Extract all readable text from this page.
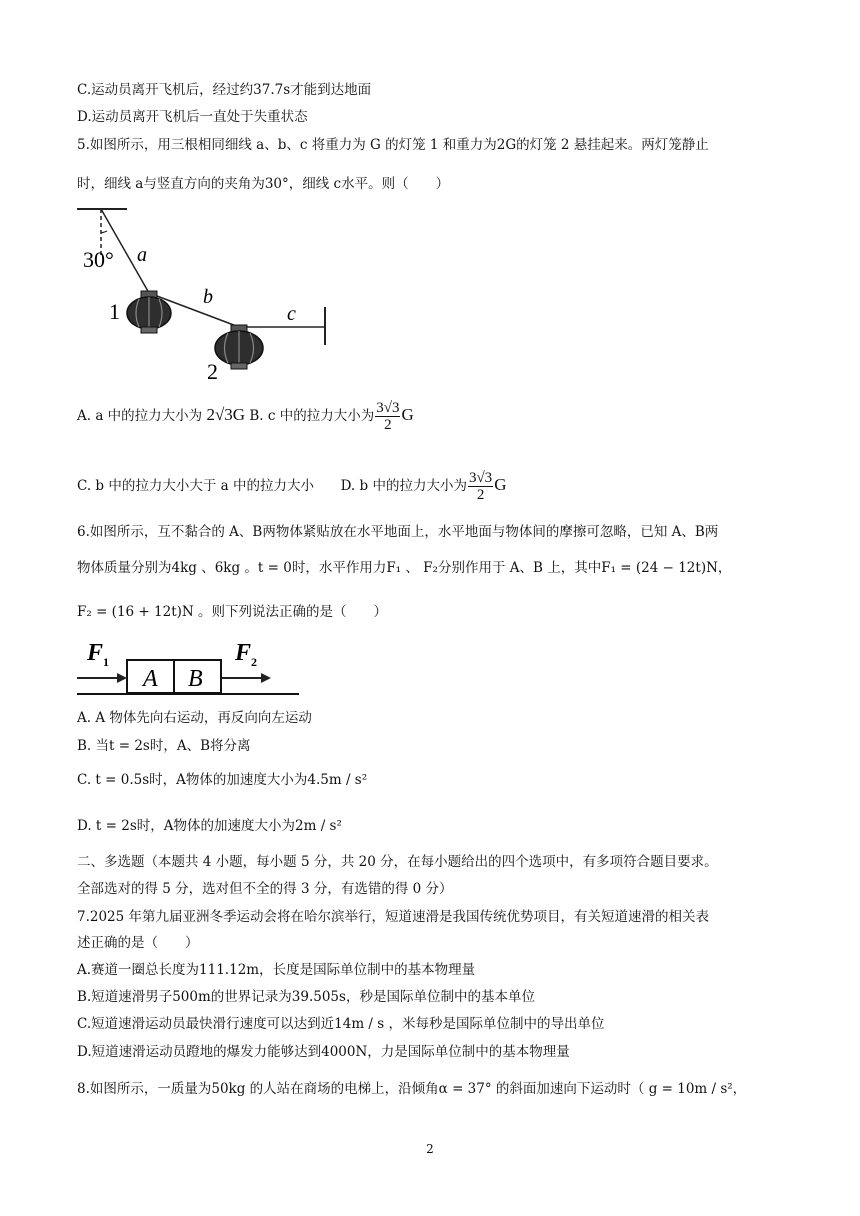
C.运动员离开飞机后，经过约37.7s才能到达地面
D.运动员离开飞机后一直处于失重状态
5.如图所示，用三根相同细线 a、b、c 将重力为 G 的灯笼 1 和重力为2G的灯笼 2 悬挂起来。两灯笼静止
时，细线 a与竖直方向的夹角为30°，细线 c水平。则（　　）
30° a
b
c
1
2
A. a 中的拉力大小为 2√3G B. c 中的拉力大小为 $\frac{3√3}{2}$ G
C. b 中的拉力大小大于 a 中的拉力大小 D. b 中的拉力大小为 $\frac{3√3}{2}$ G
6.如图所示，互不黏合的 A、B两物体紧贴放在水平地面上，水平地面与物体间的摩擦可忽略，已知 A、B两
物体质量分别为4kg 、6kg 。t = 0时，水平作用力F₁ 、 F₂分别作用于 A、B 上，其中F₁ = (24 − 12t)N，
F₂ = (16 + 12t)N 。则下列说法正确的是（　　）
$F_1$
A B
$F_2$
A. A 物体先向右运动，再反向向左运动
B. 当t = 2s时，A、B将分离
C. t = 0.5s时，A物体的加速度大小为4.5m / s²
D. t = 2s时，A物体的加速度大小为2m / s²
二、多选题（本题共 4 小题，每小题 5 分，共 20 分，在每小题给出的四个选项中，有多项符合题目要求。
全部选对的得 5 分，选对但不全的得 3 分，有选错的得 0 分）
7.2025 年第九届亚洲冬季运动会将在哈尔滨举行，短道速滑是我国传统优势项目，有关短道速滑的相关表
述正确的是（　　）
A.赛道一圈总长度为111.12m，长度是国际单位制中的基本物理量
B.短道速滑男子500m的世界记录为39.505s，秒是国际单位制中的基本单位
C.短道速滑运动员最快滑行速度可以达到近14m / s ，米每秒是国际单位制中的导出单位
D.短道速滑运动员蹬地的爆发力能够达到4000N，力是国际单位制中的基本物理量
8.如图所示，一质量为50kg 的人站在商场的电梯上，沿倾角α = 37° 的斜面加速向下运动时（ g = 10m / s²，
2
